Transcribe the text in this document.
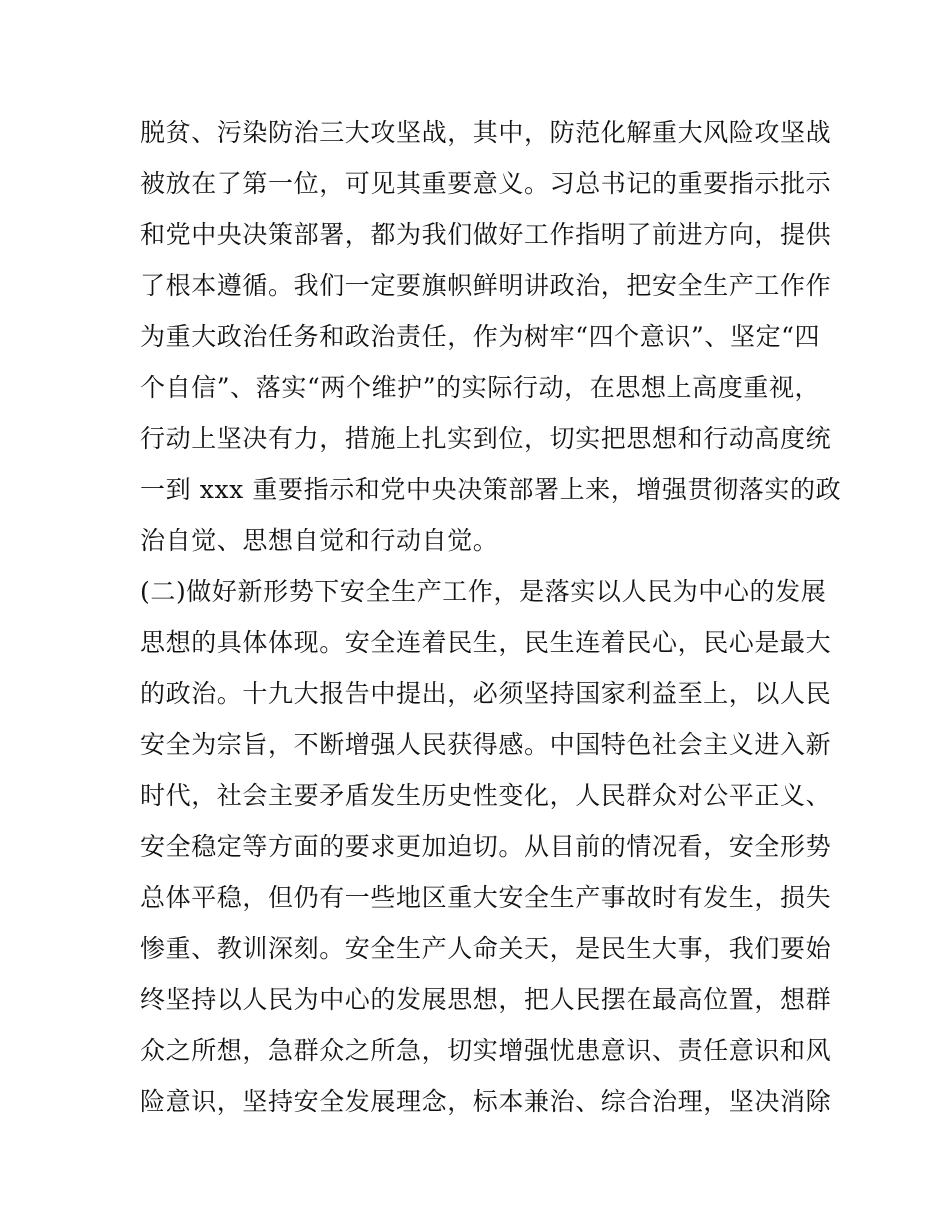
脱贫、污染防治三大攻坚战，其中，防范化解重大风险攻坚战
被放在了第一位，可见其重要意义。习总书记的重要指示批示
和党中央决策部署，都为我们做好工作指明了前进方向，提供
了根本遵循。我们一定要旗帜鲜明讲政治，把安全生产工作作
为重大政治任务和政治责任，作为树牢“四个意识”、坚定“四
个自信”、落实“两个维护”的实际行动，在思想上高度重视，
行动上坚决有力，措施上扎实到位，切实把思想和行动高度统
一到 xxx 重要指示和党中央决策部署上来，增强贯彻落实的政
治自觉、思想自觉和行动自觉。
(二)做好新形势下安全生产工作，是落实以人民为中心的发展
思想的具体体现。安全连着民生，民生连着民心，民心是最大
的政治。十九大报告中提出，必须坚持国家利益至上，以人民
安全为宗旨，不断增强人民获得感。中国特色社会主义进入新
时代，社会主要矛盾发生历史性变化，人民群众对公平正义、
安全稳定等方面的要求更加迫切。从目前的情况看，安全形势
总体平稳，但仍有一些地区重大安全生产事故时有发生，损失
惨重、教训深刻。安全生产人命关天，是民生大事，我们要始
终坚持以人民为中心的发展思想，把人民摆在最高位置，想群
众之所想，急群众之所急，切实增强忧患意识、责任意识和风
险意识，坚持安全发展理念，标本兼治、综合治理，坚决消除
